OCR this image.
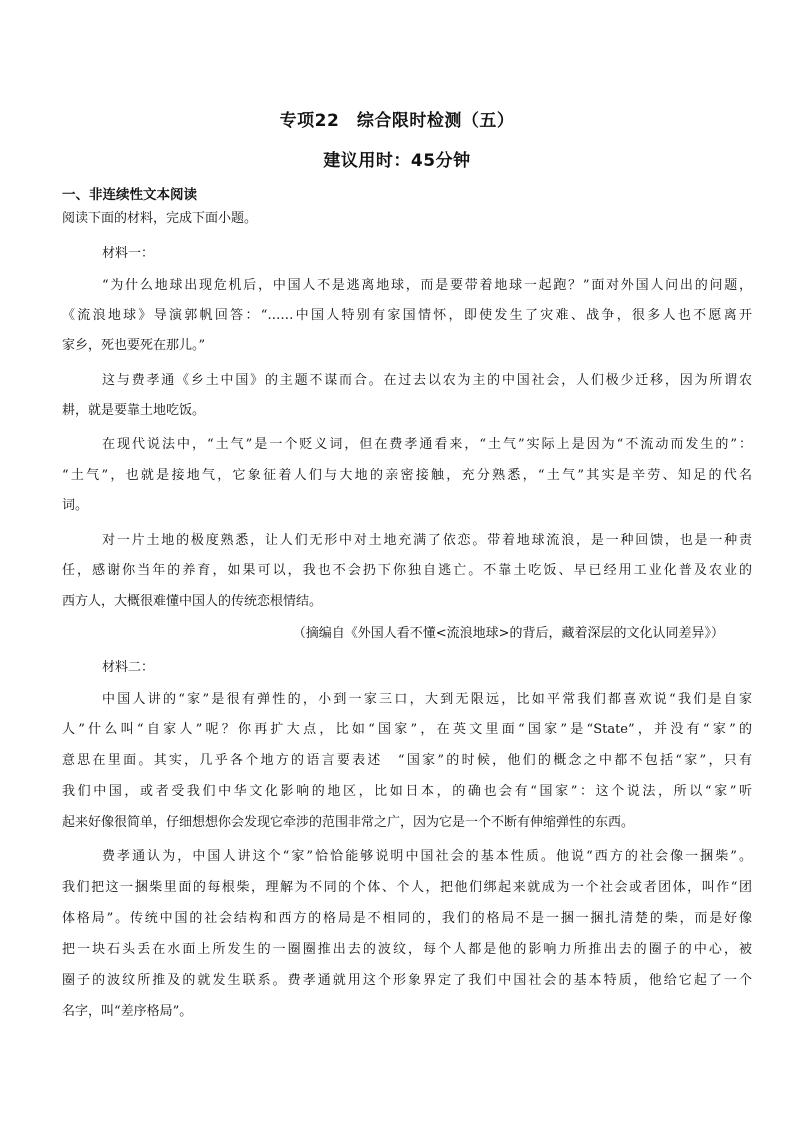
专项22　综合限时检测（五）
建议用时：45分钟
一、非连续性文本阅读
阅读下面的材料，完成下面小题。
材料一：
“为什么地球出现危机后，中国人不是逃离地球，而是要带着地球一起跑？”面对外国人问出的问题，
《流浪地球》导演郭帆回答：“……中国人特别有家国情怀，即使发生了灾难、战争，很多人也不愿离开
家乡，死也要死在那儿。”
这与费孝通《乡土中国》的主题不谋而合。在过去以农为主的中国社会，人们极少迁移，因为所谓农
耕，就是要靠土地吃饭。
在现代说法中，“土气”是一个贬义词，但在费孝通看来，“土气”实际上是因为“不流动而发生的”：
“土气”，也就是接地气，它象征着人们与大地的亲密接触，充分熟悉，“土气”其实是辛劳、知足的代名
词。
对一片土地的极度熟悉，让人们无形中对土地充满了依恋。带着地球流浪，是一种回馈，也是一种责
任，感谢你当年的养育，如果可以，我也不会扔下你独自逃亡。不靠土吃饭、早已经用工业化普及农业的
西方人，大概很难懂中国人的传统恋根情结。
（摘编自《外国人看不懂<流浪地球>的背后，藏着深层的文化认同差异》）
材料二：
中国人讲的“家”是很有弹性的，小到一家三口，大到无限远，比如平常我们都喜欢说“我们是自家
人”什么叫“自家人”呢？你再扩大点，比如“国家”，在英文里面“国家”是“State”，并没有“家”的
意思在里面。其实，几乎各个地方的语言要表述　“国家”的时候，他们的概念之中都不包括“家”，只有
我们中国，或者受我们中华文化影响的地区，比如日本，的确也会有“国家”：这个说法，所以“家”听
起来好像很简单，仔细想想你会发现它牵涉的范围非常之广，因为它是一个不断有伸缩弹性的东西。
费孝通认为，中国人讲这个“家”恰恰能够说明中国社会的基本性质。他说“西方的社会像一捆柴”。
我们把这一捆柴里面的每根柴，理解为不同的个体、个人，把他们绑起来就成为一个社会或者团体，叫作“团
体格局”。传统中国的社会结构和西方的格局是不相同的，我们的格局不是一捆一捆扎清楚的柴，而是好像
把一块石头丢在水面上所发生的一圈圈推出去的波纹，每个人都是他的影响力所推出去的圈子的中心，被
圈子的波纹所推及的就发生联系。费孝通就用这个形象界定了我们中国社会的基本特质，他给它起了一个
名字，叫“差序格局”。
